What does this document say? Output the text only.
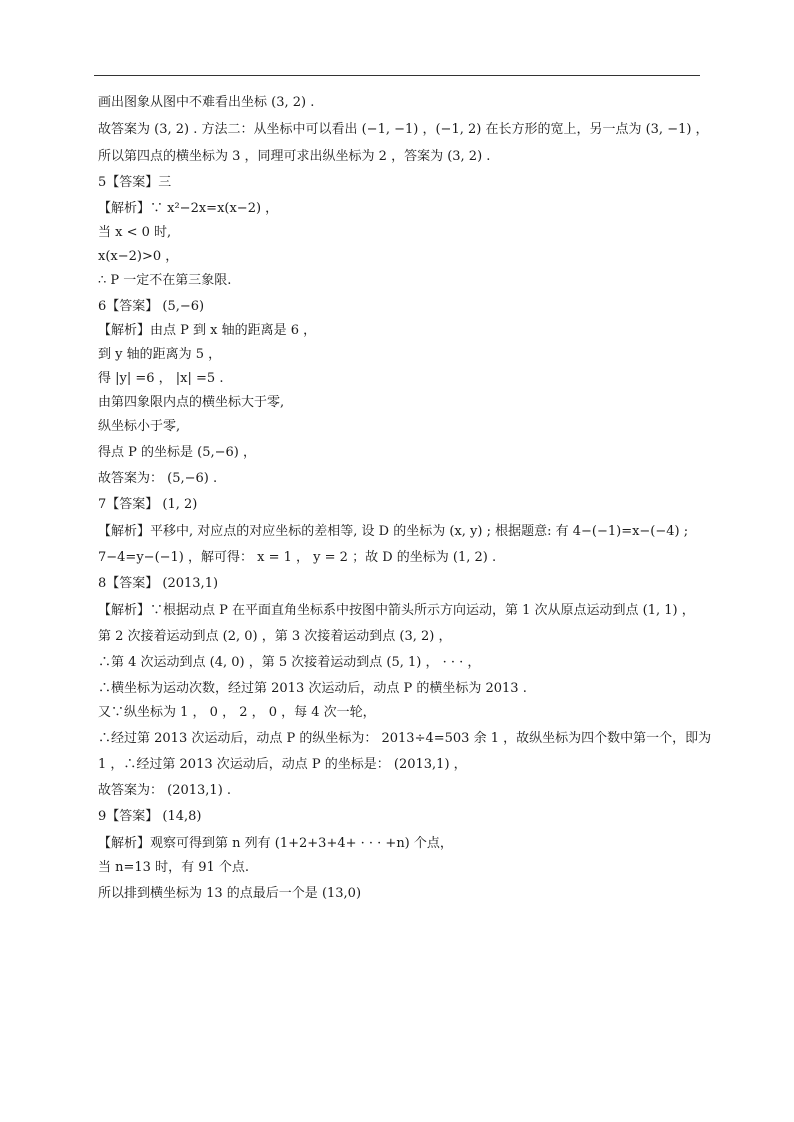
画出图象从图中不难看出坐标 (3, 2) .
故答案为 (3, 2) . 方法二：从坐标中可以看出 (−1, −1) ，(−1, 2) 在长方形的宽上，另一点为 (3, −1) ，
所以第四点的横坐标为 3 ，同理可求出纵坐标为 2 ，答案为 (3, 2) .
5【答案】三
【解析】∵ x²−2x=x(x−2) ，
当 x < 0 时,
x(x−2)>0 ，
∴ P 一定不在第三象限.
6【答案】 (5,−6)
【解析】由点 P 到 x 轴的距离是 6 ，
到 y 轴的距离为 5 ，
得 |y| =6 ， |x| =5 .
由第四象限内点的横坐标大于零,
纵坐标小于零,
得点 P 的坐标是 (5,−6) ，
故答案为： (5,−6) .
7【答案】 (1, 2)
【解析】平移中, 对应点的对应坐标的差相等, 设 D 的坐标为 (x, y) ; 根据题意: 有 4−(−1)=x−(−4) ;
7−4=y−(−1) ，解可得： x = 1 ， y = 2 ；故 D 的坐标为 (1, 2) .
8【答案】 (2013,1)
【解析】∵根据动点 P 在平面直角坐标系中按图中箭头所示方向运动，第 1 次从原点运动到点 (1, 1) ，
第 2 次接着运动到点 (2, 0) ，第 3 次接着运动到点 (3, 2) ，
∴第 4 次运动到点 (4, 0) ，第 5 次接着运动到点 (5, 1) ， · · · ，
∴横坐标为运动次数，经过第 2013 次运动后，动点 P 的横坐标为 2013 .
又∵纵坐标为 1 ， 0 ， 2 ， 0 ，每 4 次一轮，
∴经过第 2013 次运动后，动点 P 的纵坐标为： 2013÷4=503 余 1 ，故纵坐标为四个数中第一个，即为
1 ，∴经过第 2013 次运动后，动点 P 的坐标是： (2013,1) ，
故答案为： (2013,1) .
9【答案】 (14,8)
【解析】观察可得到第 n 列有 (1+2+3+4+ · · · +n) 个点，
当 n=13 时，有 91 个点.
所以排到横坐标为 13 的点最后一个是 (13,0)
